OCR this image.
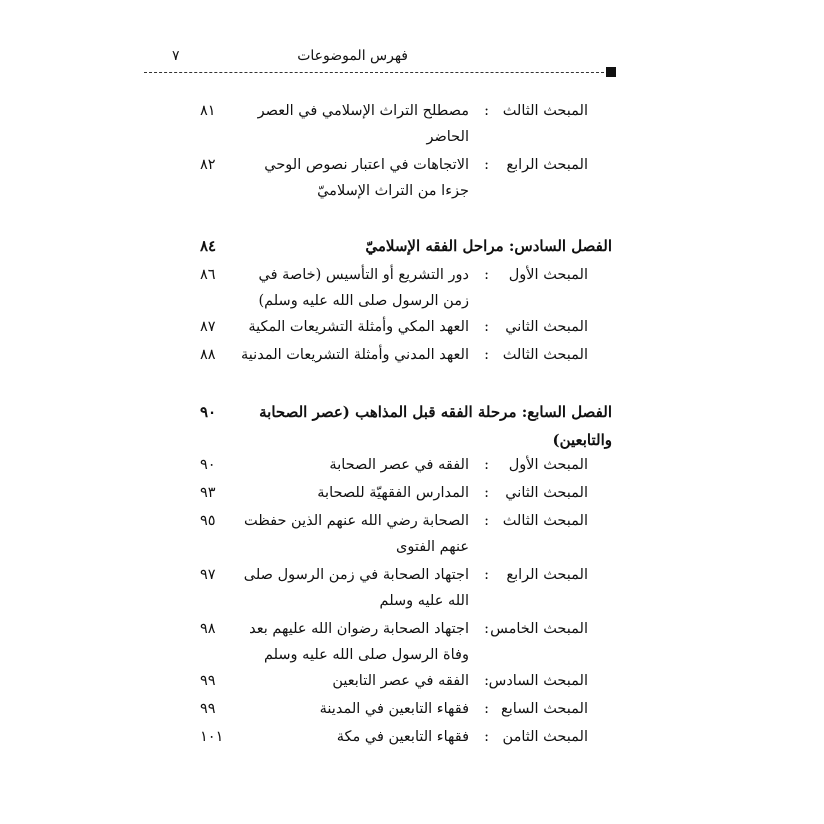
فهرس الموضوعات
٧
المبحث الثالث
:
مصطلح التراث الإسلامي في العصر الحاضر
٨١
المبحث الرابع
:
الاتجاهات في اعتبار نصوص الوحي جزءا من التراث الإسلاميّ
٨٢
الفصل السادس: مراحل الفقه الإسلاميّ
٨٤
المبحث الأول
:
دور التشريع أو التأسيس (خاصة في زمن الرسول صلى الله عليه وسلم)
٨٦
المبحث الثاني
:
العهد المكي وأمثلة التشريعات المكية
٨٧
المبحث الثالث
:
العهد المدني وأمثلة التشريعات المدنية
٨٨
الفصل السابع: مرحلة الفقه قبل المذاهب (عصر الصحابة والتابعين)
٩٠
المبحث الأول
:
الفقه في عصر الصحابة
٩٠
المبحث الثاني
:
المدارس الفقهيّة للصحابة
٩٣
المبحث الثالث
:
الصحابة رضي الله عنهم الذين حفظت عنهم الفتوى
٩٥
المبحث الرابع
:
اجتهاد الصحابة في زمن الرسول صلى الله عليه وسلم
٩٧
المبحث الخامس
:
اجتهاد الصحابة رضوان الله عليهم بعد وفاة الرسول صلى الله عليه وسلم
٩٨
المبحث السادس
:
الفقه في عصر التابعين
٩٩
المبحث السابع
:
فقهاء التابعين في المدينة
٩٩
المبحث الثامن
:
فقهاء التابعين في مكة
١٠١
